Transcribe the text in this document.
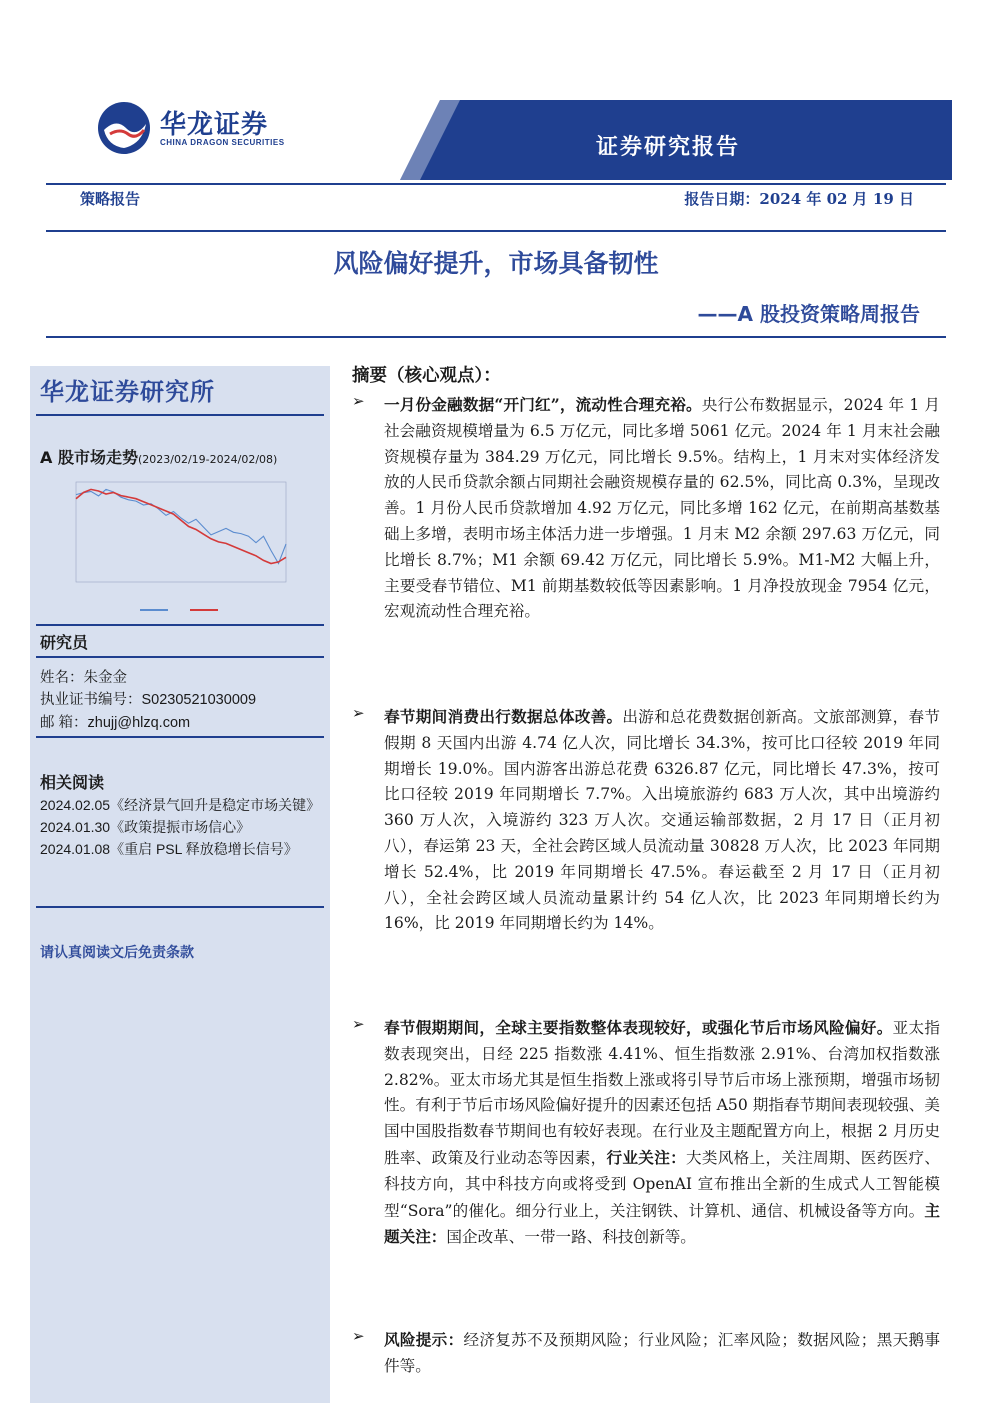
证券研究报告
华龙证券
CHINA DRAGON SECURITIES
策略报告	报告日期：2024 年 02 月 19 日
风险偏好提升，市场具备韧性
——A 股投资策略周报告
华龙证券研究所
A 股市场走势(2023/02/19-2024/02/08)
研究员
姓名：朱金金
执业证书编号：S0230521030009
邮 箱：zhujj@hlzq.com
相关阅读
2024.02.05《经济景气回升是稳定市场关键》
2024.01.30《政策提振市场信心》
2024.01.08《重启 PSL 释放稳增长信号》
请认真阅读文后免责条款
摘要（核心观点）：
➢ 一月份金融数据“开门红”，流动性合理充裕。央行公布数据显示，2024 年 1 月社会融资规模增量为 6.5 万亿元，同比多增 5061 亿元。2024 年 1 月末社会融资规模存量为 384.29 万亿元，同比增长 9.5%。结构上，1 月末对实体经济发放的人民币贷款余额占同期社会融资规模存量的 62.5%，同比高 0.3%，呈现改善。1 月份人民币贷款增加 4.92 万亿元，同比多增 162 亿元，在前期高基数基础上多增，表明市场主体活力进一步增强。1 月末 M2 余额 297.63 万亿元，同比增长 8.7%；M1 余额 69.42 万亿元，同比增长 5.9%。M1-M2 大幅上升，主要受春节错位、M1 前期基数较低等因素影响。1 月净投放现金 7954 亿元，宏观流动性合理充裕。
➢ 春节期间消费出行数据总体改善。出游和总花费数据创新高。文旅部测算，春节假期 8 天国内出游 4.74 亿人次，同比增长 34.3%，按可比口径较 2019 年同期增长 19.0%。国内游客出游总花费 6326.87 亿元，同比增长 47.3%，按可比口径较 2019 年同期增长 7.7%。入出境旅游约 683 万人次，其中出境游约 360 万人次，入境游约 323 万人次。交通运输部数据，2 月 17 日（正月初八），春运第 23 天，全社会跨区域人员流动量 30828 万人次，比 2023 年同期增长 52.4%，比 2019 年同期增长 47.5%。春运截至 2 月 17 日（正月初八），全社会跨区域人员流动量累计约 54 亿人次，比 2023 年同期增长约为 16%，比 2019 年同期增长约为 14%。
➢ 春节假期期间，全球主要指数整体表现较好，或强化节后市场风险偏好。亚太指数表现突出，日经 225 指数涨 4.41%、恒生指数涨 2.91%、台湾加权指数涨 2.82%。亚太市场尤其是恒生指数上涨或将引导节后市场上涨预期，增强市场韧性。有利于节后市场风险偏好提升的因素还包括 A50 期指春节期间表现较强、美国中国股指数春节期间也有较好表现。在行业及主题配置方向上，根据 2 月历史胜率、政策及行业动态等因素，行业关注：大类风格上，关注周期、医药医疗、科技方向，其中科技方向或将受到 OpenAI 宣布推出全新的生成式人工智能模型“Sora”的催化。细分行业上，关注钢铁、计算机、通信、机械设备等方向。主题关注：国企改革、一带一路、科技创新等。
➢ 风险提示：经济复苏不及预期风险；行业风险；汇率风险；数据风险；黑天鹅事件等。
